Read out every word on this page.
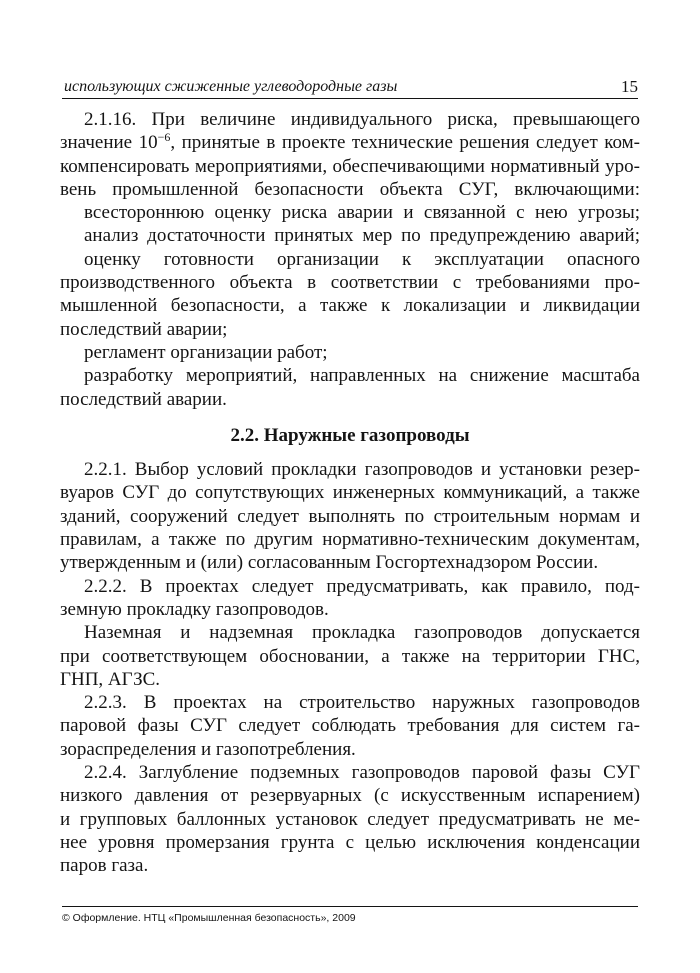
использующих сжиженные углеводородные газы	15
2.1.16. При величине индивидуального риска, превышающего
значение $10^{-6}$, принятые в проекте технические решения следует ком-
компенсировать мероприятиями, обеспечивающими нормативный уро-
вень промышленной безопасности объекта СУГ, включающими:
всестороннюю оценку риска аварии и связанной с нею угрозы;
анализ достаточности принятых мер по предупреждению аварий;
оценку готовности организации к эксплуатации опасного
производственного объекта в соответствии с требованиями про-
мышленной безопасности, а также к локализации и ликвидации
последствий аварии;
регламент организации работ;
разработку мероприятий, направленных на снижение масштаба
последствий аварии.
2.2. Наружные газопроводы
2.2.1. Выбор условий прокладки газопроводов и установки резер-
вуаров СУГ до сопутствующих инженерных коммуникаций, а также
зданий, сооружений следует выполнять по строительным нормам и
правилам, а также по другим нормативно-техническим документам,
утвержденным и (или) согласованным Госгортехнадзором России.
2.2.2. В проектах следует предусматривать, как правило, под-
земную прокладку газопроводов.
Наземная и надземная прокладка газопроводов допускается
при соответствующем обосновании, а также на территории ГНС,
ГНП, АГЗС.
2.2.3. В проектах на строительство наружных газопроводов
паровой фазы СУГ следует соблюдать требования для систем га-
зораспределения и газопотребления.
2.2.4. Заглубление подземных газопроводов паровой фазы СУГ
низкого давления от резервуарных (с искусственным испарением)
и групповых баллонных установок следует предусматривать не ме-
нее уровня промерзания грунта с целью исключения конденсации
паров газа.
© Оформление. НТЦ «Промышленная безопасность», 2009
